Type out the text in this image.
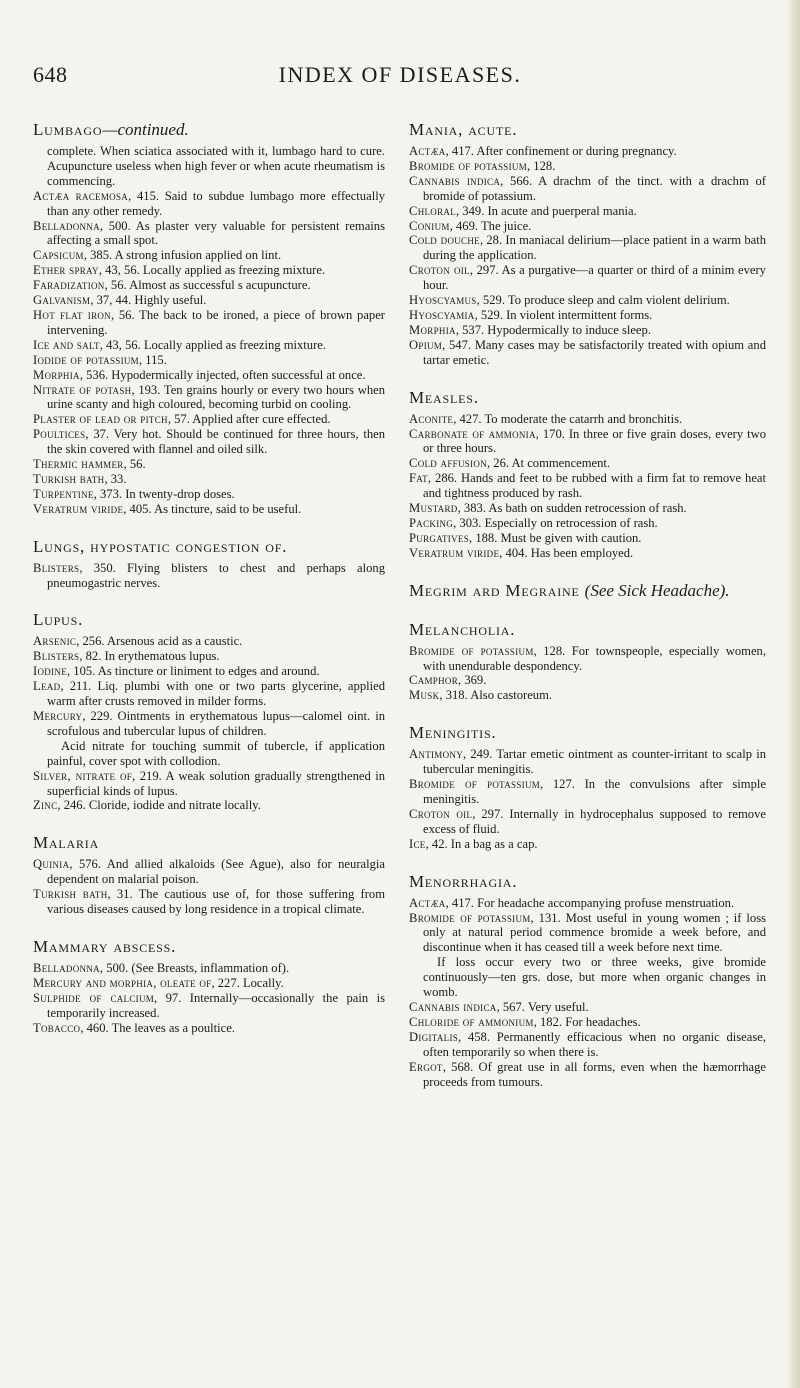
648	INDEX OF DISEASES.
Lumbago—continued.

complete. When sciatica associated with it, lumbago hard to cure. Acupuncture useless when high fever or when acute rheumatism is commencing.

Actæa racemosa, 415. Said to subdue lumbago more effectually than any other remedy.

Belladonna, 500. As plaster very valuable for persistent remains affecting a small spot.

Capsicum, 385. A strong infusion applied on lint.

Ether spray, 43, 56. Locally applied as freezing mixture.

Faradization, 56. Almost as successful s acupuncture.

Galvanism, 37, 44. Highly useful.

Hot flat iron, 56. The back to be ironed, a piece of brown paper intervening.

Ice and salt, 43, 56. Locally applied as freezing mixture.

Iodide of potassium, 115.

Morphia, 536. Hypodermically injected, often successful at once.

Nitrate of potash, 193. Ten grains hourly or every two hours when urine scanty and high coloured, becoming turbid on cooling.

Plaster of lead or pitch, 57. Applied after cure effected.

Poultices, 37. Very hot. Should be continued for three hours, then the skin covered with flannel and oiled silk.

Thermic hammer, 56.

Turkish bath, 33.

Turpentine, 373. In twenty-drop doses.

Veratrum viride, 405. As tincture, said to be useful.

Lungs, hypostatic congestion of.

Blisters, 350. Flying blisters to chest and perhaps along pneumogastric nerves.

Lupus.

Arsenic, 256. Arsenous acid as a caustic.

Blisters, 82. In erythematous lupus.

Iodine, 105. As tincture or liniment to edges and around.

Lead, 211. Liq. plumbi with one or two parts glycerine, applied warm after crusts removed in milder forms.

Mercury, 229. Ointments in erythematous lupus—calomel oint. in scrofulous and tubercular lupus of children.

Acid nitrate for touching summit of tubercle, if application painful, cover spot with collodion.

Silver, nitrate of, 219. A weak solution gradually strengthened in superficial kinds of lupus.

Zinc, 246. Cloride, iodide and nitrate locally.

Malaria

Quinia, 576. And allied alkaloids (See Ague), also for neuralgia dependent on malarial poison.

Turkish bath, 31. The cautious use of, for those suffering from various diseases caused by long residence in a tropical climate.

Mammary abscess.

Belladonna, 500. (See Breasts, inflammation of).

Mercury and morphia, oleate of, 227. Locally.

Sulphide of calcium, 97. Internally—occasionally the pain is temporarily increased.

Tobacco, 460. The leaves as a poultice.

Mania, acute.

Actæa, 417. After confinement or during pregnancy.

Bromide of potassium, 128.

Cannabis indica, 566. A drachm of the tinct. with a drachm of bromide of potassium.

Chloral, 349. In acute and puerperal mania.

Conium, 469. The juice.

Cold douche, 28. In maniacal delirium—place patient in a warm bath during the application.

Croton oil, 297. As a purgative—a quarter or third of a minim every hour.

Hyoscyamus, 529. To produce sleep and calm violent delirium.

Hyoscyamia, 529. In violent intermittent forms.

Morphia, 537. Hypodermically to induce sleep.

Opium, 547. Many cases may be satisfactorily treated with opium and tartar emetic.

Measles.

Aconite, 427. To moderate the catarrh and bronchitis.

Carbonate of ammonia, 170. In three or five grain doses, every two or three hours.

Cold affusion, 26. At commencement.

Fat, 286. Hands and feet to be rubbed with a firm fat to remove heat and tightness produced by rash.

Mustard, 383. As bath on sudden retrocession of rash.

Packing, 303. Especially on retrocession of rash.

Purgatives, 188. Must be given with caution.

Veratrum viride, 404. Has been employed.

Megrim ard Megraine (See Sick Headache).
Melancholia.

Bromide of potassium, 128. For townspeople, especially women, with unendurable despondency.

Camphor, 369.

Musk, 318. Also castoreum.

Meningitis.

Antimony, 249. Tartar emetic ointment as counter-irritant to scalp in tubercular meningitis.

Bromide of potassium, 127. In the convulsions after simple meningitis.

Croton oil, 297. Internally in hydrocephalus supposed to remove excess of fluid.

Ice, 42. In a bag as a cap.

Menorrhagia.

Actæa, 417. For headache accompanying profuse menstruation.

Bromide of potassium, 131. Most useful in young women ; if loss only at natural period commence bromide a week before, and discontinue when it has ceased till a week before next time.

If loss occur every two or three weeks, give bromide continuously—ten grs. dose, but more when organic changes in womb.

Cannabis indica, 567. Very useful.

Chloride of ammonium, 182. For headaches.

Digitalis, 458. Permanently efficacious when no organic disease, often temporarily so when there is.

Ergot, 568. Of great use in all forms, even when the hæmorrhage proceeds from tumours.
